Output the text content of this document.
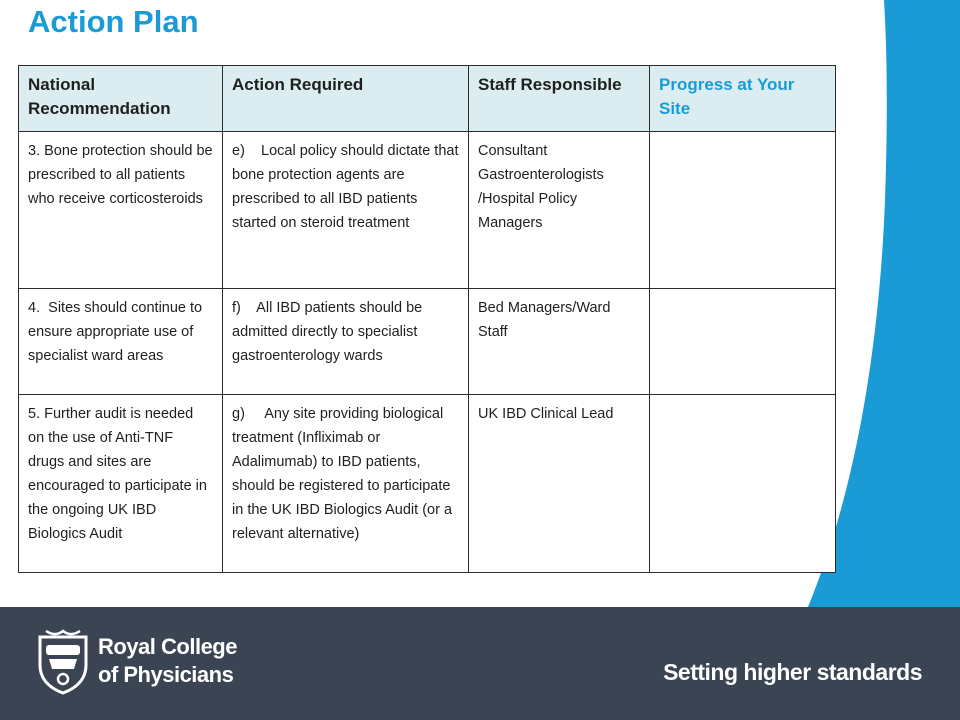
Action Plan
National Recommendation	Action Required	Staff Responsible	Progress at Your Site
3. Bone protection should be prescribed to all patients who receive corticosteroids	e)    Local policy should dictate that bone protection agents are prescribed to all IBD patients started on steroid treatment	Consultant Gastroenterologists /Hospital Policy Managers	
4.  Sites should continue to ensure appropriate use of specialist ward areas	f)    All IBD patients should be admitted directly to specialist gastroenterology wards	Bed Managers/Ward Staff	
5. Further audit is needed on the use of Anti-TNF drugs and sites are encouraged to participate in the ongoing UK IBD Biologics Audit	g)     Any site providing biological treatment (Infliximab or Adalimumab) to IBD patients, should be registered to participate in the UK IBD Biologics Audit (or a relevant alternative)	UK IBD Clinical Lead	
Royal College
of Physicians	Setting higher standards
